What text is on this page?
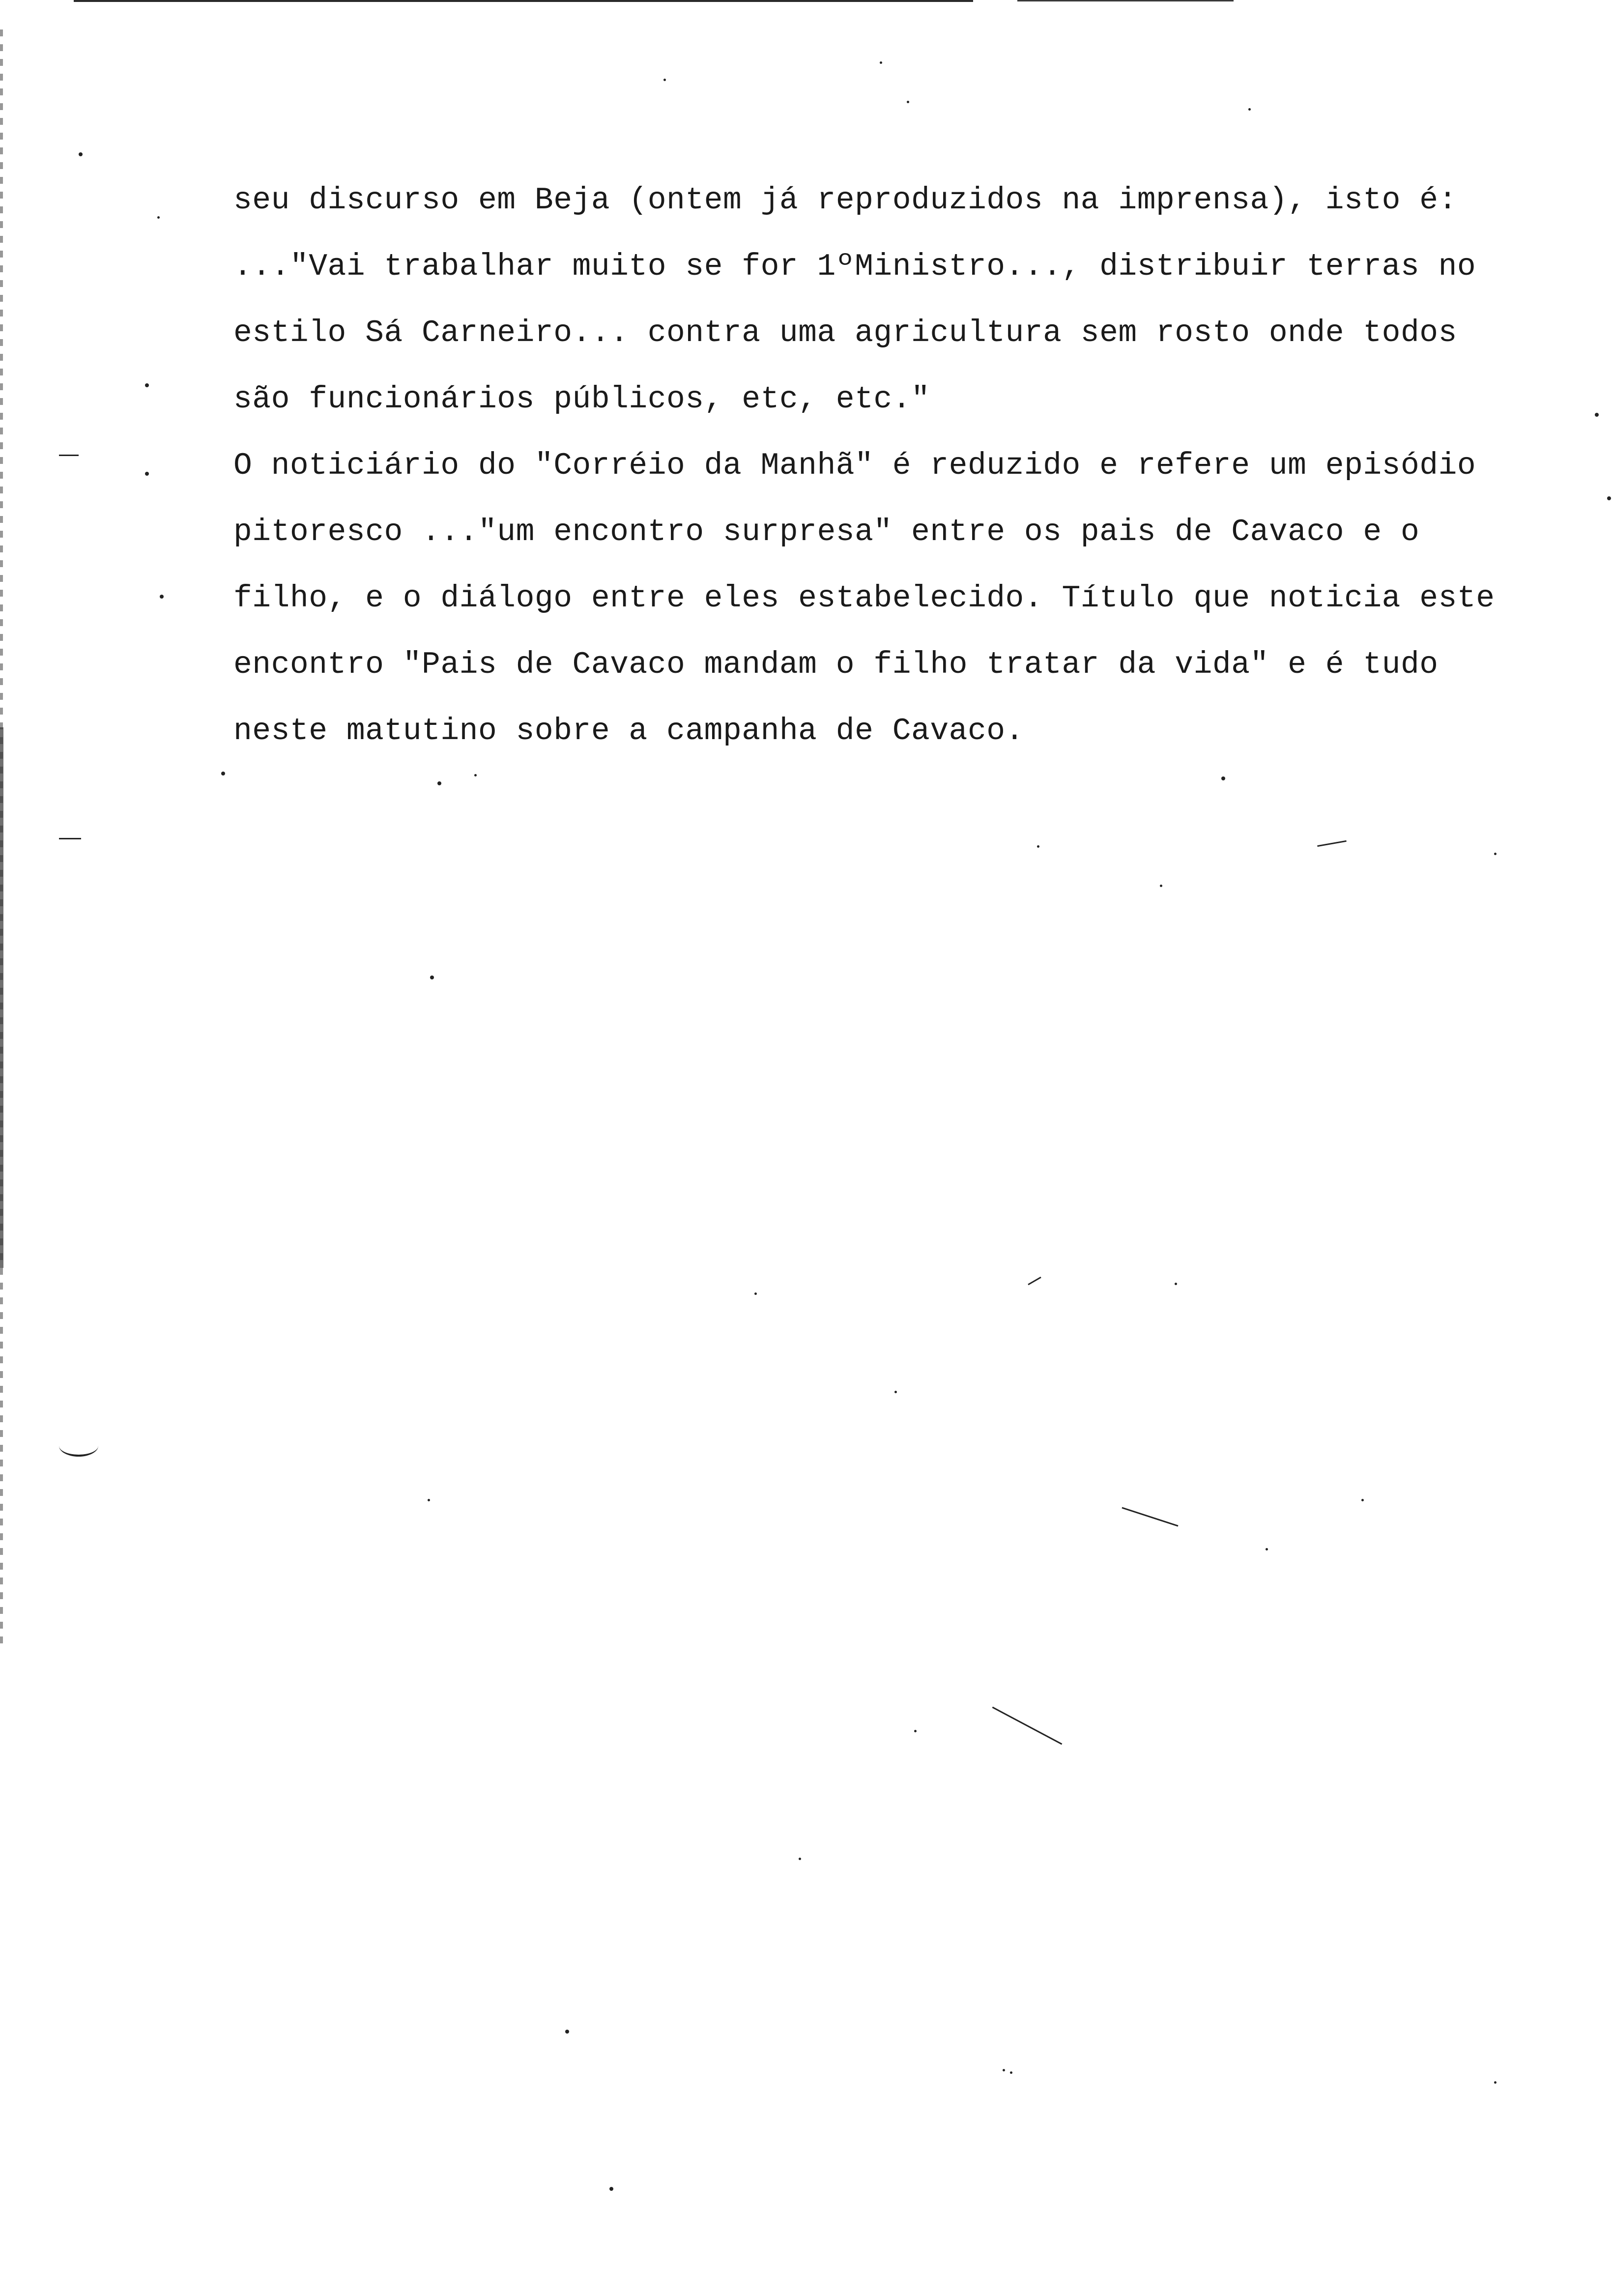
seu discurso em Beja (ontem já reproduzidos na imprensa), isto é:
..."Vai trabalhar muito se for 1ºMinistro..., distribuir terras no
estilo Sá Carneiro... contra uma agricultura sem rosto onde todos
são funcionários públicos, etc, etc."
O noticiário do "Corréio da Manhã" é reduzido e refere um episódio
pitoresco ..."um encontro surpresa" entre os pais de Cavaco e o
filho, e o diálogo entre eles estabelecido. Título que noticia este
encontro "Pais de Cavaco mandam o filho tratar da vida" e é tudo
neste matutino sobre a campanha de Cavaco.
